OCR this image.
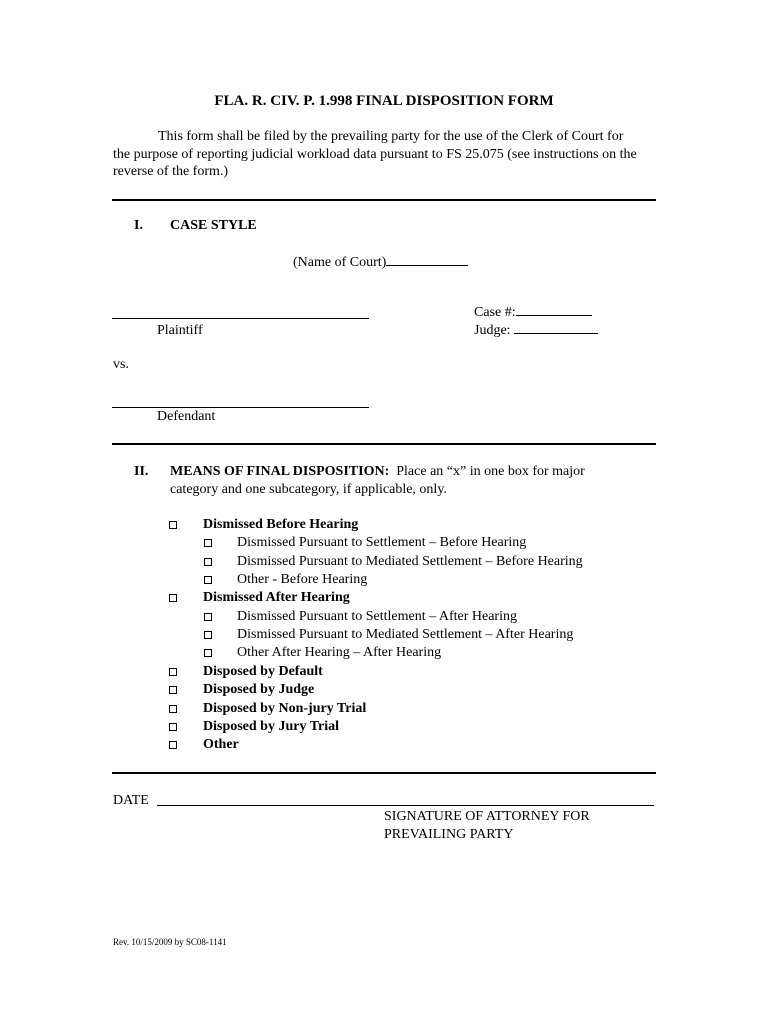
FLA. R. CIV. P. 1.998 FINAL DISPOSITION FORM

This form shall be filed by the prevailing party for the use of the Clerk of Court for the purpose of reporting judicial workload data pursuant to FS 25.075 (see instructions on the reverse of the form.)

I. CASE STYLE
(Name of Court)
Plaintiff
Case #:
Judge:
vs.
Defendant
II. MEANS OF FINAL DISPOSITION: Place an “x” in one box for major
category and one subcategory, if applicable, only.
Dismissed Before Hearing
Dismissed Pursuant to Settlement – Before Hearing
Dismissed Pursuant to Mediated Settlement – Before Hearing
Other - Before Hearing
Dismissed After Hearing
Dismissed Pursuant to Settlement – After Hearing
Dismissed Pursuant to Mediated Settlement – After Hearing
Other After Hearing – After Hearing
Disposed by Default
Disposed by Judge
Disposed by Non-jury Trial
Disposed by Jury Trial
Other
DATE
SIGNATURE OF ATTORNEY FOR
PREVAILING PARTY
Rev. 10/15/2009 by SC08-1141
